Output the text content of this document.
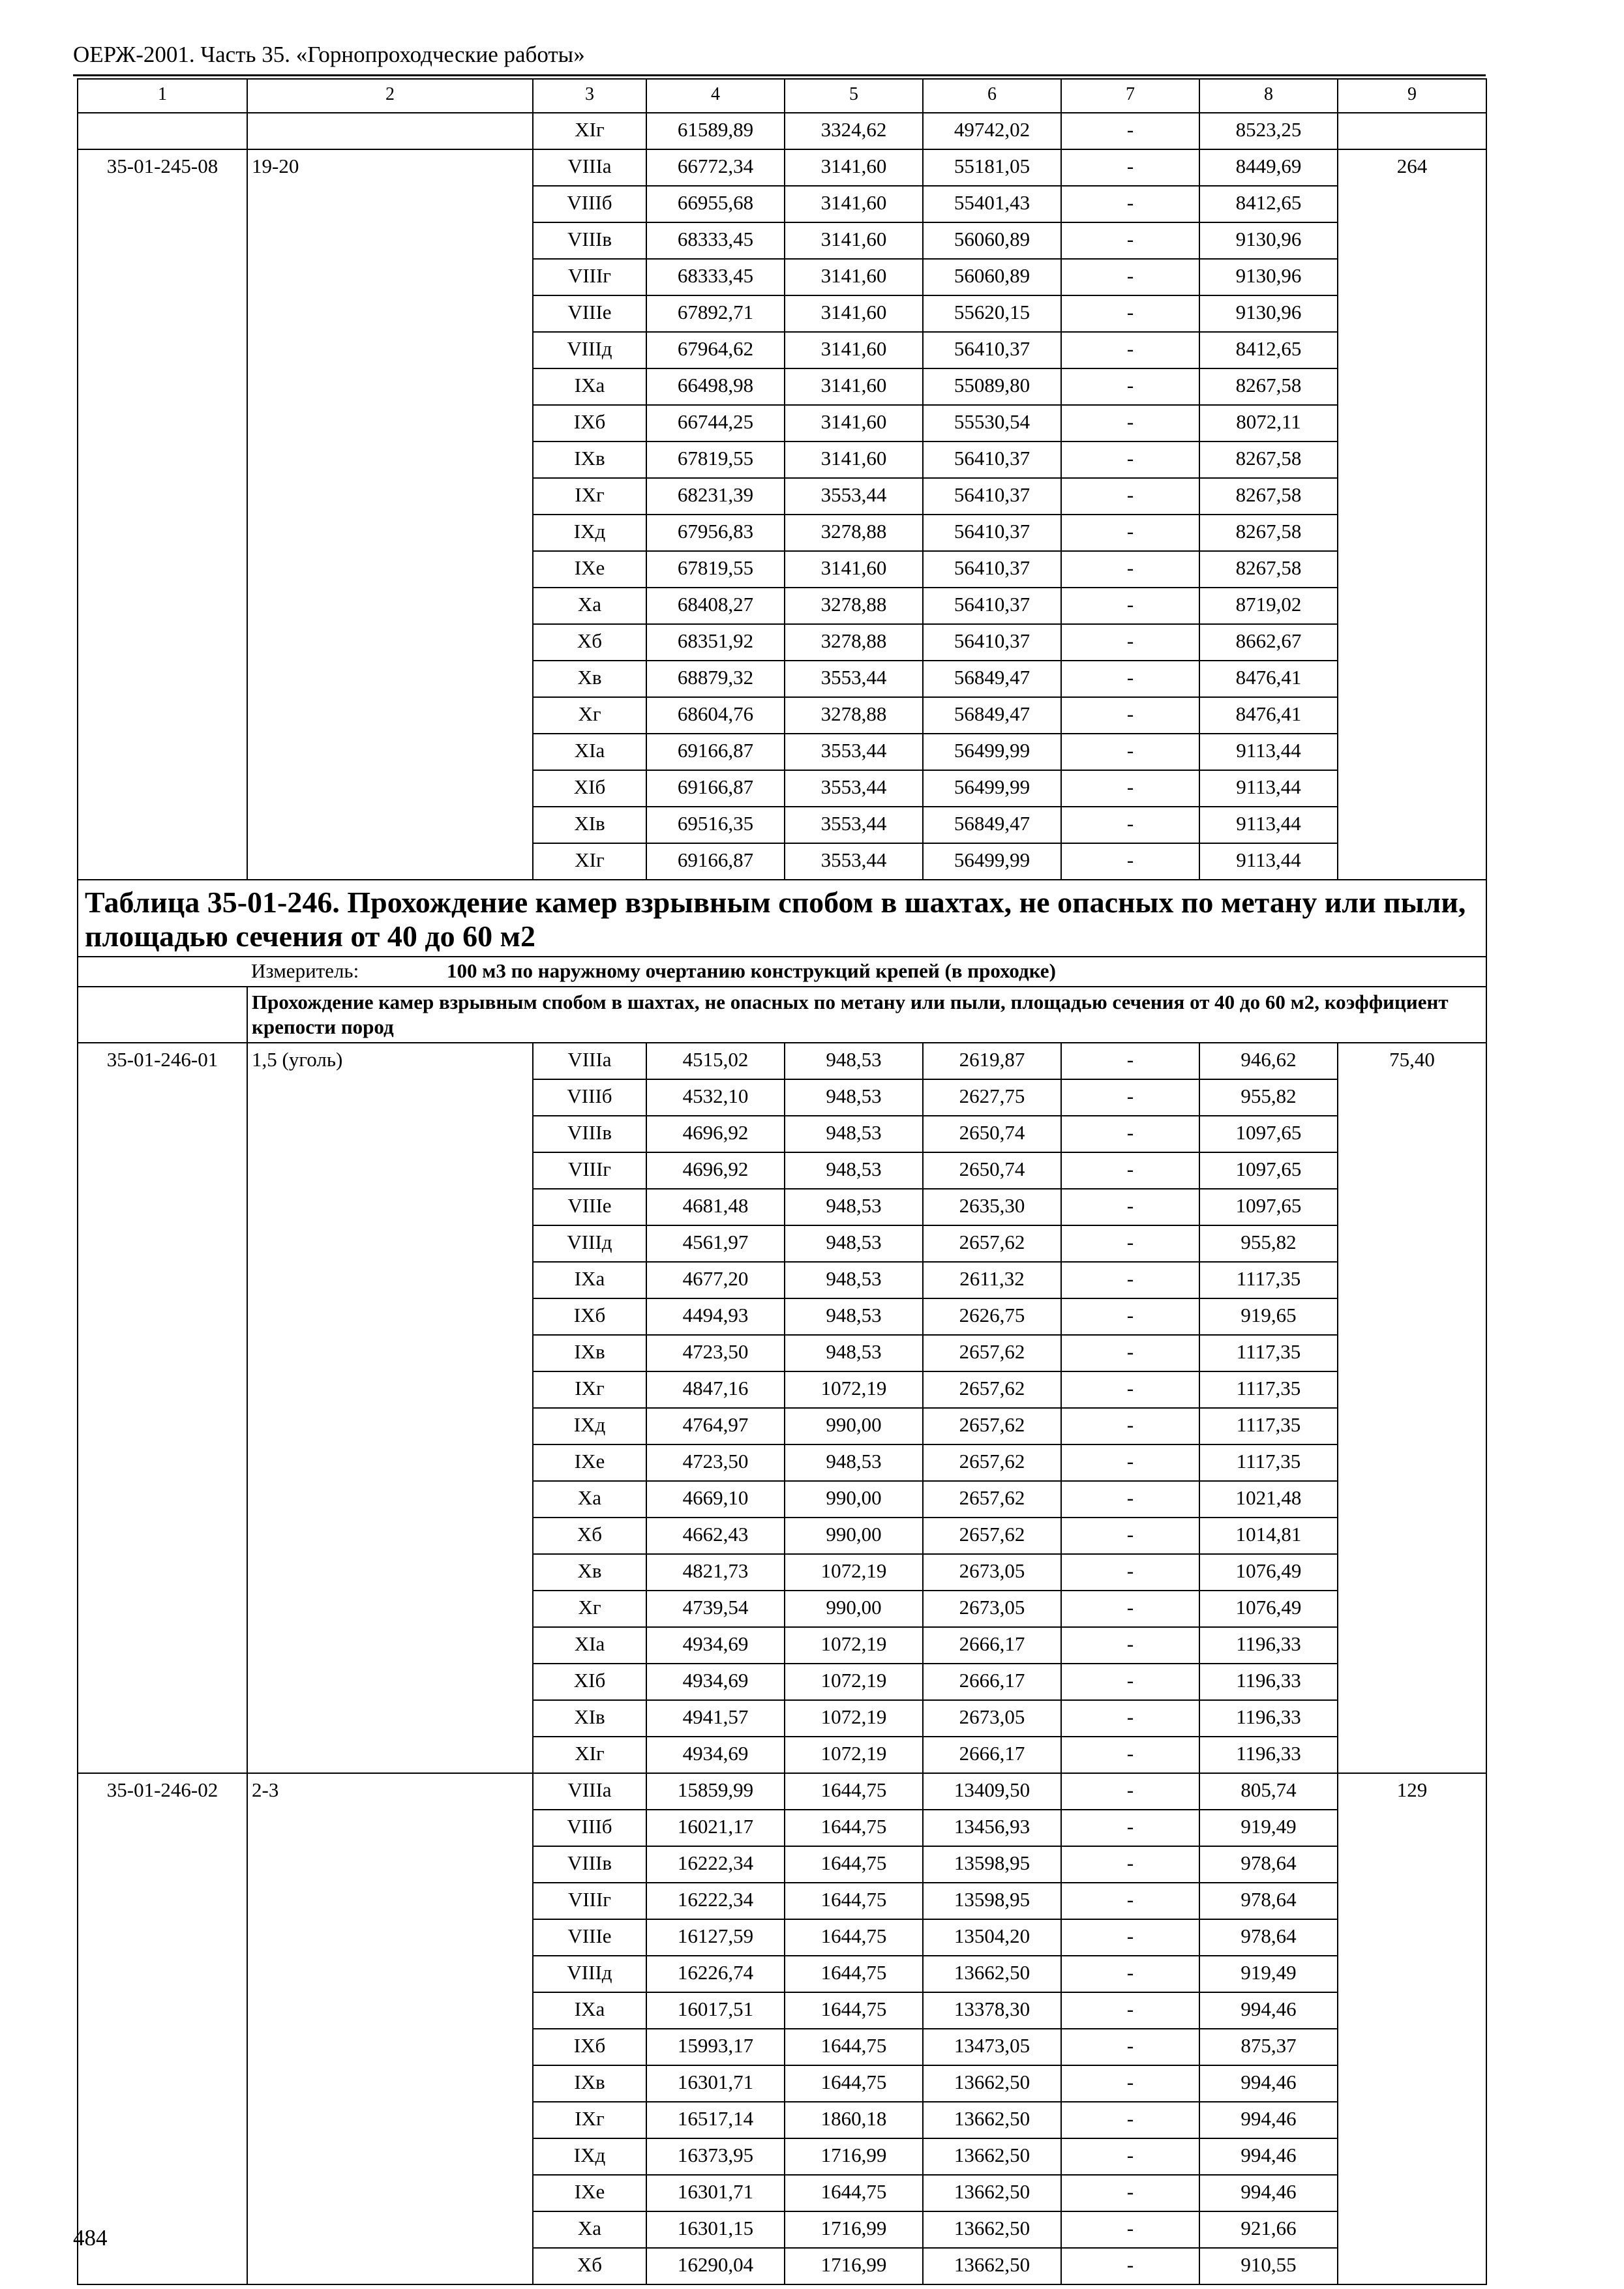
ОЕРЖ-2001. Часть 35. «Горнопроходческие работы»
1	2	3	4	5	6	7	8	9
		XIг	61589,89	3324,62	49742,02	-	8523,25	
35-01-245-08	19-20	VIIIа	66772,34	3141,60	55181,05	-	8449,69	264
		VIIIб	66955,68	3141,60	55401,43	-	8412,65	
		VIIIв	68333,45	3141,60	56060,89	-	9130,96	
		VIIIг	68333,45	3141,60	56060,89	-	9130,96	
		VIIIе	67892,71	3141,60	55620,15	-	9130,96	
		VIIIд	67964,62	3141,60	56410,37	-	8412,65	
		IXа	66498,98	3141,60	55089,80	-	8267,58	
		IXб	66744,25	3141,60	55530,54	-	8072,11	
		IXв	67819,55	3141,60	56410,37	-	8267,58	
		IXг	68231,39	3553,44	56410,37	-	8267,58	
		IXд	67956,83	3278,88	56410,37	-	8267,58	
		IXе	67819,55	3141,60	56410,37	-	8267,58	
		Xа	68408,27	3278,88	56410,37	-	8719,02	
		Xб	68351,92	3278,88	56410,37	-	8662,67	
		Xв	68879,32	3553,44	56849,47	-	8476,41	
		Xг	68604,76	3278,88	56849,47	-	8476,41	
		XIа	69166,87	3553,44	56499,99	-	9113,44	
		XIб	69166,87	3553,44	56499,99	-	9113,44	
		XIв	69516,35	3553,44	56849,47	-	9113,44	
		XIг	69166,87	3553,44	56499,99	-	9113,44	
Таблица 35-01-246. Прохождение камер взрывным спобом в шахтах, не опасных по метану или пыли, площадью сечения от 40 до 60 м2								
	Измеритель: 100 м3 по наружному очертанию конструкций крепей (в проходке)							
	Прохождение камер взрывным спобом в шахтах, не опасных по метану или пыли, площадью сечения от 40 до 60 м2, коэффициент крепости пород							
35-01-246-01	1,5 (уголь)	VIIIа	4515,02	948,53	2619,87	-	946,62	75,40
		VIIIб	4532,10	948,53	2627,75	-	955,82	
		VIIIв	4696,92	948,53	2650,74	-	1097,65	
		VIIIг	4696,92	948,53	2650,74	-	1097,65	
		VIIIе	4681,48	948,53	2635,30	-	1097,65	
		VIIIд	4561,97	948,53	2657,62	-	955,82	
		IXа	4677,20	948,53	2611,32	-	1117,35	
		IXб	4494,93	948,53	2626,75	-	919,65	
		IXв	4723,50	948,53	2657,62	-	1117,35	
		IXг	4847,16	1072,19	2657,62	-	1117,35	
		IXд	4764,97	990,00	2657,62	-	1117,35	
		IXе	4723,50	948,53	2657,62	-	1117,35	
		Xа	4669,10	990,00	2657,62	-	1021,48	
		Xб	4662,43	990,00	2657,62	-	1014,81	
		Xв	4821,73	1072,19	2673,05	-	1076,49	
		Xг	4739,54	990,00	2673,05	-	1076,49	
		XIа	4934,69	1072,19	2666,17	-	1196,33	
		XIб	4934,69	1072,19	2666,17	-	1196,33	
		XIв	4941,57	1072,19	2673,05	-	1196,33	
		XIг	4934,69	1072,19	2666,17	-	1196,33	
35-01-246-02	2-3	VIIIа	15859,99	1644,75	13409,50	-	805,74	129
		VIIIб	16021,17	1644,75	13456,93	-	919,49	
		VIIIв	16222,34	1644,75	13598,95	-	978,64	
		VIIIг	16222,34	1644,75	13598,95	-	978,64	
		VIIIе	16127,59	1644,75	13504,20	-	978,64	
		VIIIд	16226,74	1644,75	13662,50	-	919,49	
		IXа	16017,51	1644,75	13378,30	-	994,46	
		IXб	15993,17	1644,75	13473,05	-	875,37	
		IXв	16301,71	1644,75	13662,50	-	994,46	
		IXг	16517,14	1860,18	13662,50	-	994,46	
		IXд	16373,95	1716,99	13662,50	-	994,46	
		IXе	16301,71	1644,75	13662,50	-	994,46	
		Xа	16301,15	1716,99	13662,50	-	921,66	
		Xб	16290,04	1716,99	13662,50	-	910,55	
484
